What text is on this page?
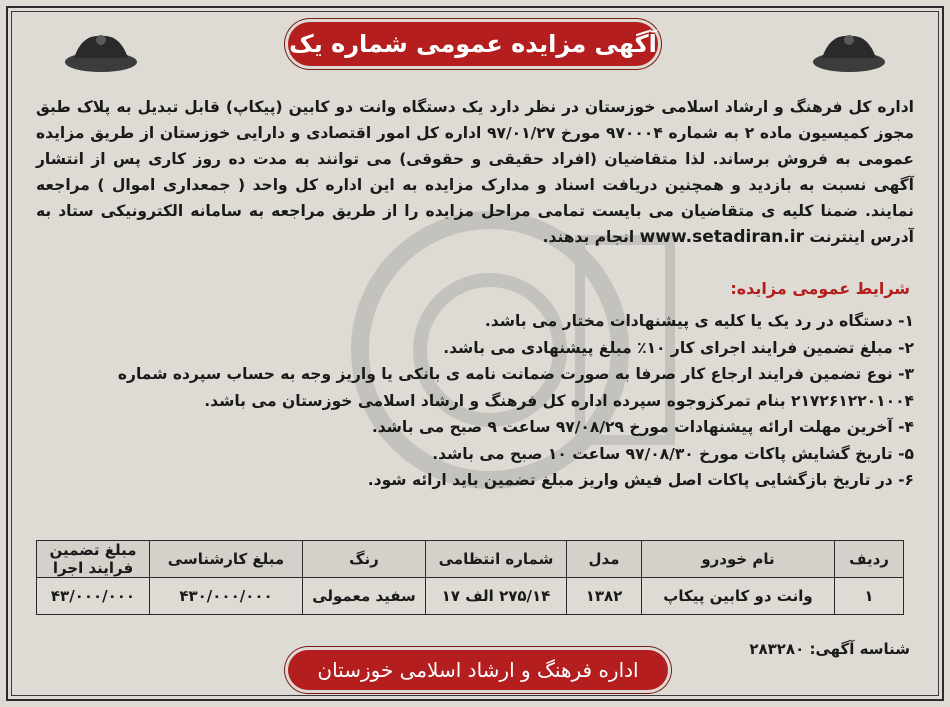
آگهی مزایده عمومی شماره یک
اداره کل فرهنگ و ارشاد اسلامی خوزستان در نظر دارد یک دستگاه وانت دو کابین (پیکاپ) قابل تبدیل به پلاک طبق مجوز کمیسیون ماده ۲ به شماره ۹۷۰۰۰۴ مورخ ۹۷/۰۱/۲۷ اداره کل امور اقتصادی و دارایی خوزستان از طریق مزایده عمومی به فروش برساند. لذا متقاضیان (افراد حقیقی و حقوقی) می توانند به مدت ده روز کاری پس از انتشار آگهی نسبت به بازدید و همچنین دریافت اسناد و مدارک مزایده به این اداره کل واحد ( جمعداری اموال ) مراجعه نمایند. ضمنا کلیه ی متقاضیان می بایست تمامی مراحل مزایده را از طریق مراجعه به سامانه الکترونیکی ستاد به آدرس اینترنت www.setadiran.ir انجام بدهند.
شرایط عمومی مزایده:
۱- دستگاه در رد یک یا کلیه ی پیشنهادات مختار می باشد.
۲- مبلغ تضمین فرایند اجرای کار ۱۰٪ مبلغ پیشنهادی می باشد.
۳- نوع تضمین فرایند ارجاع کار صرفا به صورت ضمانت نامه ی بانکی یا واریز وجه به حساب سپرده شماره ۲۱۷۲۶۱۲۲۰۱۰۰۴ بنام تمرکزوجوه سپرده اداره کل فرهنگ و ارشاد اسلامی خوزستان می باشد.
۴- آخرین مهلت ارائه پیشنهادات مورخ ۹۷/۰۸/۲۹ ساعت ۹ صبح می باشد.
۵- تاریخ گشایش پاکات مورخ ۹۷/۰۸/۳۰ ساعت ۱۰ صبح می باشد.
۶- در تاریخ بازگشایی پاکات اصل فیش واریز مبلغ تضمین باید ارائه شود.
ردیف	نام خودرو	مدل	شماره انتظامی	رنگ	مبلغ کارشناسی	مبلغ تضمین فرایند اجرا
۱	وانت دو کابین پیکاپ	۱۳۸۲	۲۷۵/۱۴ الف ۱۷	سفید معمولی	۴۳۰/۰۰۰/۰۰۰	۴۳/۰۰۰/۰۰۰
شناسه آگهی: ۲۸۳۲۸۰
اداره فرهنگ و ارشاد اسلامی خوزستان
